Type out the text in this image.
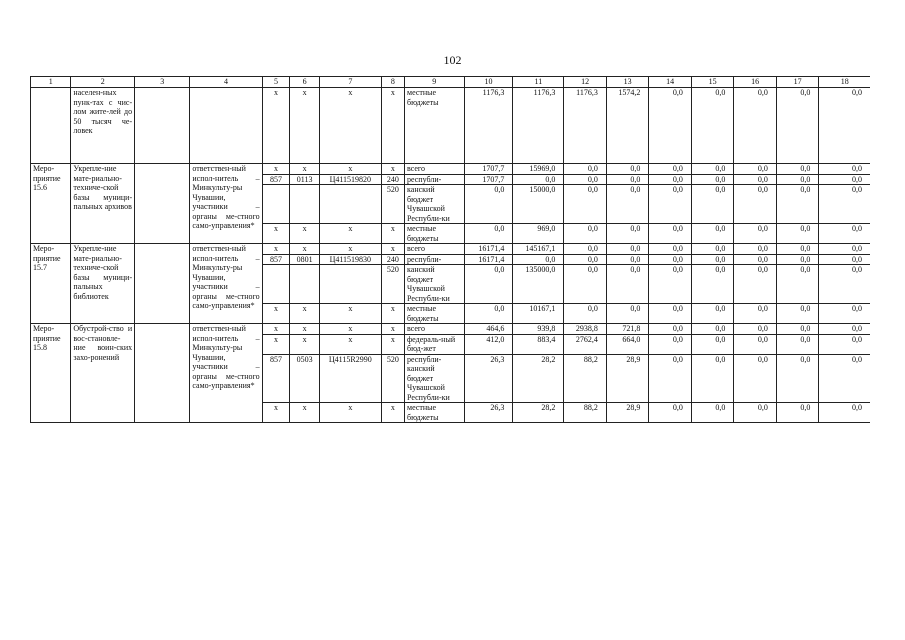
102
1	2	3	4	5	6	7	8	9	10	11	12	13	14	15	16	17	18
	населен-ных пунк-тах с чис-лом жите-лей до 50 тысяч че-ловек			x	x	x	x	местные бюджеты	1176,3	1176,3	1176,3	1574,2	0,0	0,0	0,0	0,0	0,0
Меро-приятие 15.6	Укрепле-ние мате-риально-техниче-ской базы муници-пальных архивов		ответствен-ный испол-нитель – Минкульту-ры Чувашии, участники – органы ме-стного само-управления*	x	x	x	x	всего	1707,7	15969,0	0,0	0,0	0,0	0,0	0,0	0,0	0,0
				857	0113	Ц411519820	240	республи-	1707,7	0,0	0,0	0,0	0,0	0,0	0,0	0,0	0,0
							520	канский бюджет Чувашской Республи-ки	0,0	15000,0	0,0	0,0	0,0	0,0	0,0	0,0	0,0
				x	x	x	x	местные бюджеты	0,0	969,0	0,0	0,0	0,0	0,0	0,0	0,0	0,0
Меро-приятие 15.7	Укрепле-ние мате-риально-техниче-ской базы муници-пальных библиотек		ответствен-ный испол-нитель – Минкульту-ры Чувашии, участники – органы ме-стного само-управления*	x	x	x	x	всего	16171,4	145167,1	0,0	0,0	0,0	0,0	0,0	0,0	0,0
				857	0801	Ц411519830	240	республи-	16171,4	0,0	0,0	0,0	0,0	0,0	0,0	0,0	0,0
							520	канский бюджет Чувашской Республи-ки	0,0	135000,0	0,0	0,0	0,0	0,0	0,0	0,0	0,0
				x	x	x	x	местные бюджеты	0,0	10167,1	0,0	0,0	0,0	0,0	0,0	0,0	0,0
Меро-приятие 15.8	Обустрой-ство и вос-становле-ние воин-ских захо-ронений		ответствен-ный испол-нитель – Минкульту-ры Чувашии, участники – органы ме-стного само-управления*	x	x	x	x	всего	464,6	939,8	2938,8	721,8	0,0	0,0	0,0	0,0	0,0
				x	x	x	x	федераль-ный бюд-жет	412,0	883,4	2762,4	664,0	0,0	0,0	0,0	0,0	0,0
				857	0503	Ц4115R2990	520	республи-канский бюджет Чувашской Республи-ки	26,3	28,2	88,2	28,9	0,0	0,0	0,0	0,0	0,0
				x	x	x	x	местные бюджеты	26,3	28,2	88,2	28,9	0,0	0,0	0,0	0,0	0,0
